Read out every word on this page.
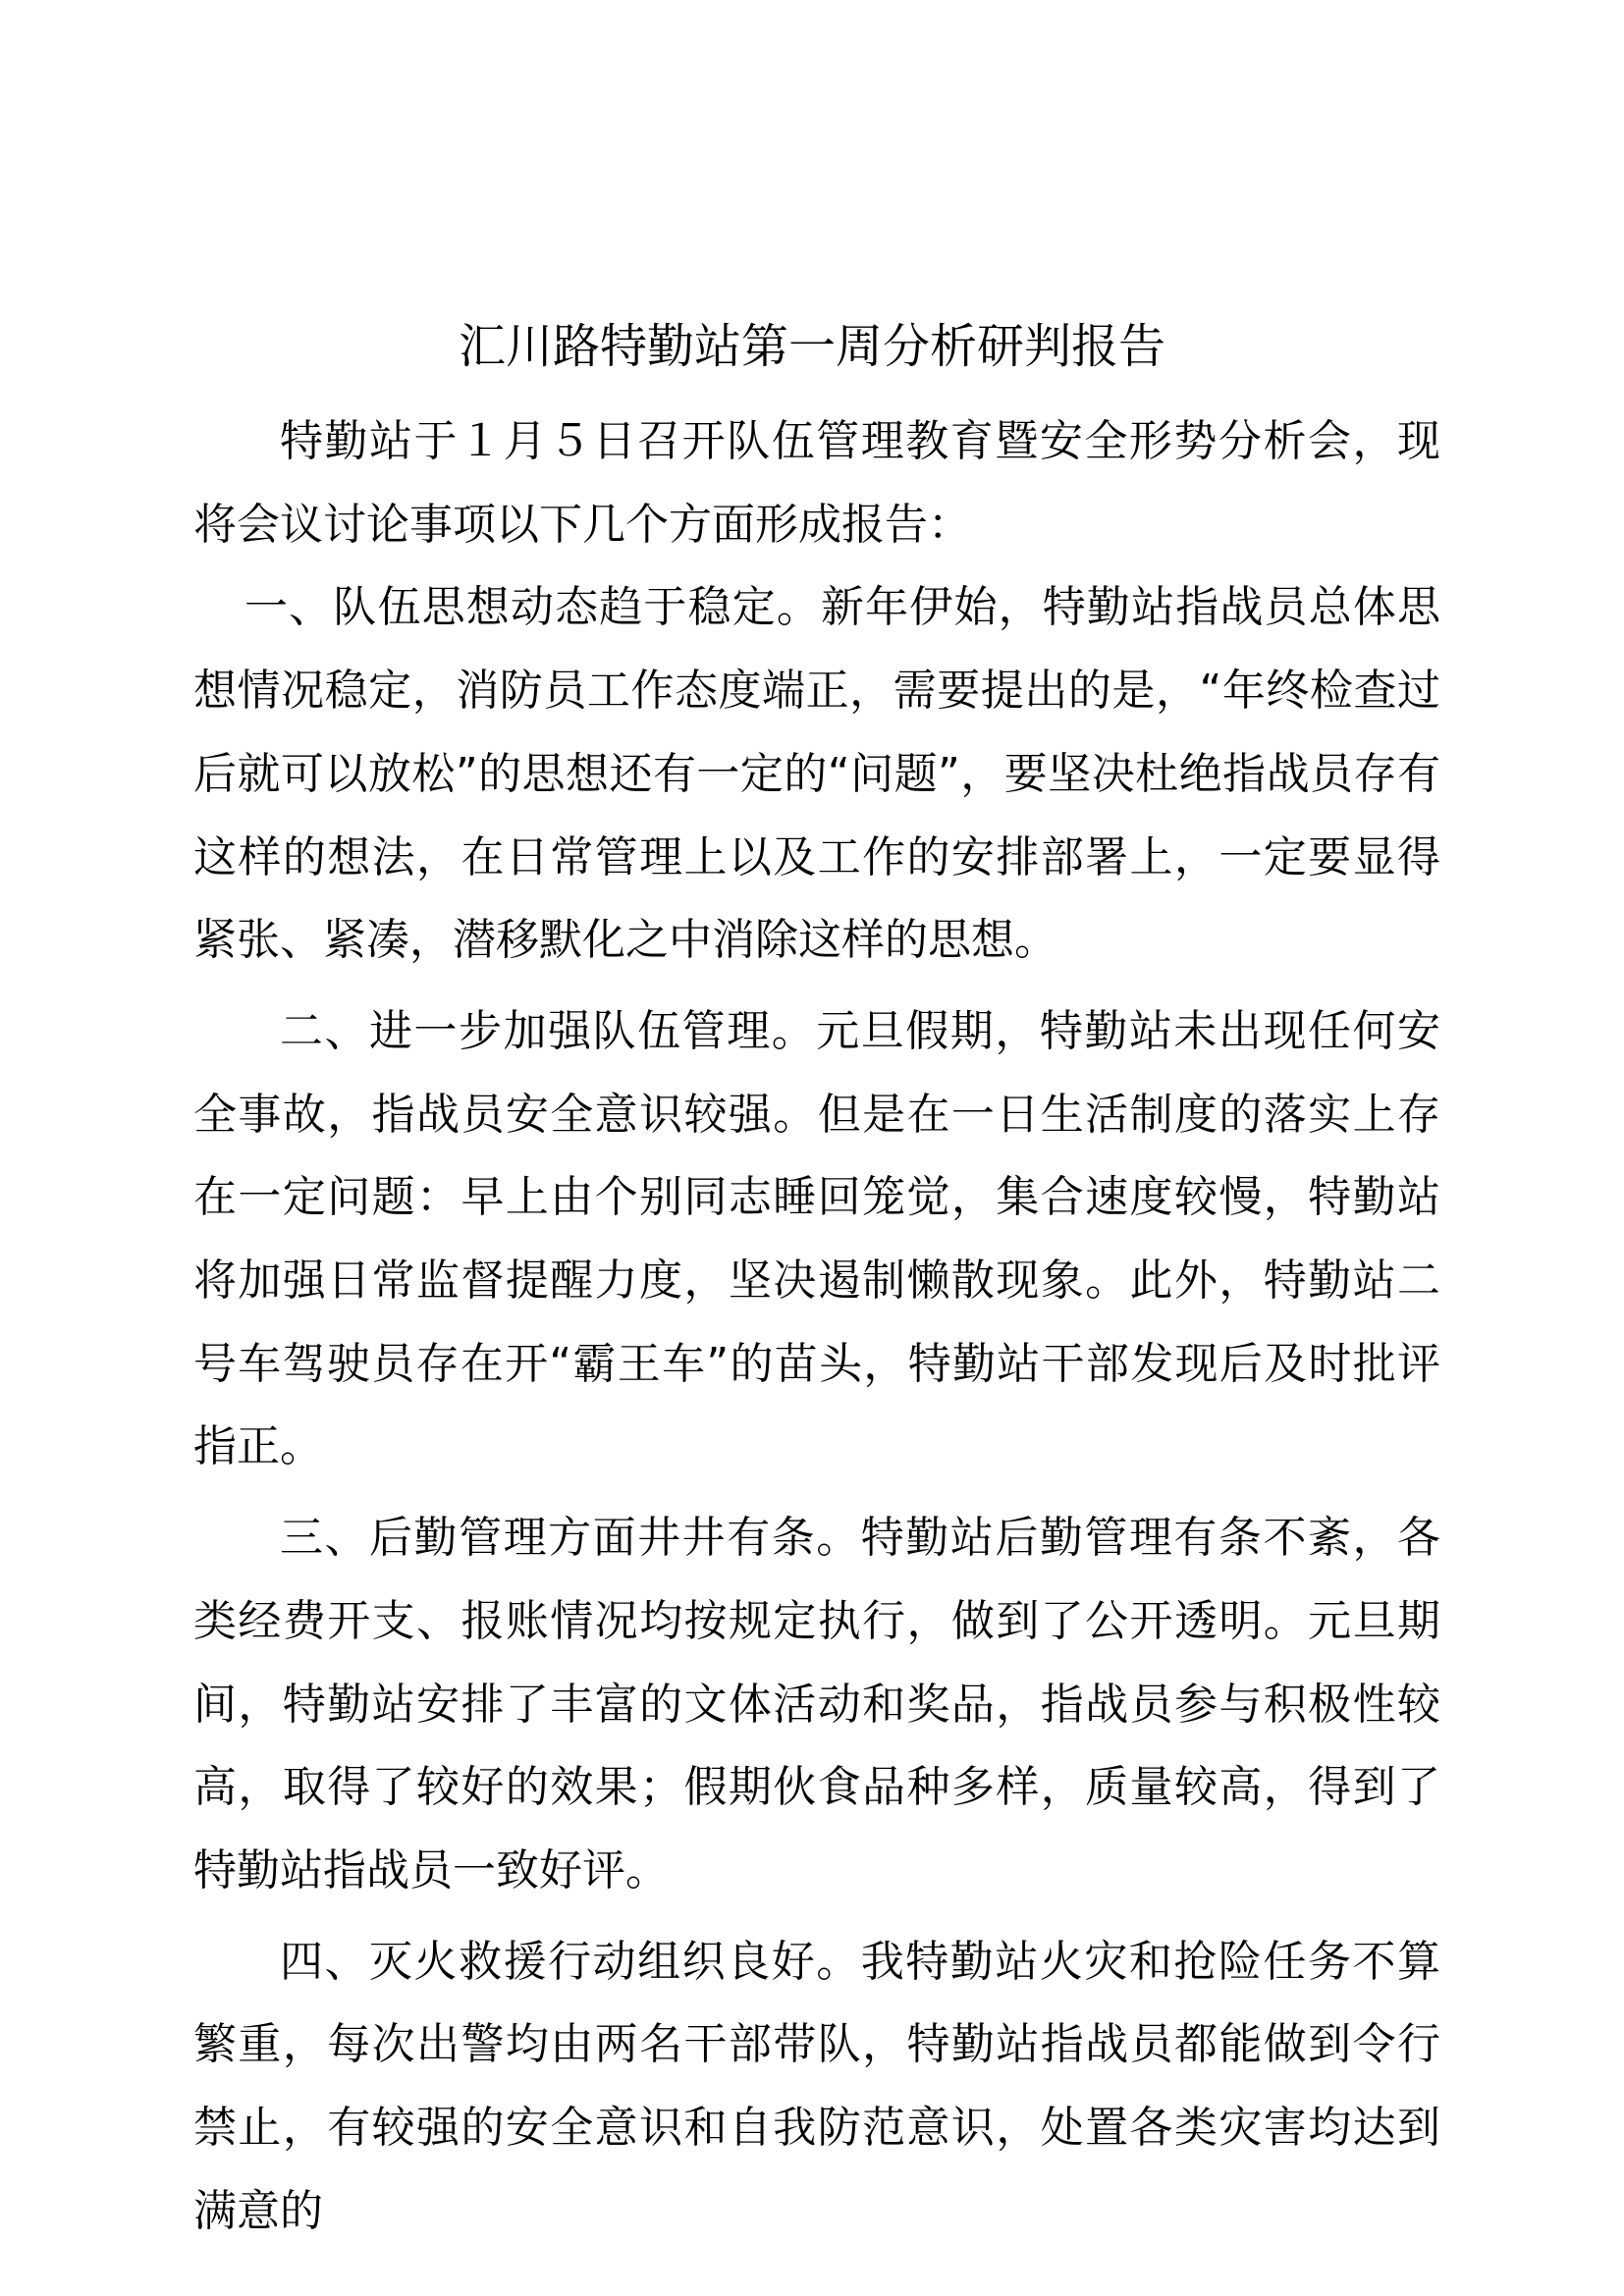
汇川路特勤站第一周分析研判报告

特勤站于１月５日召开队伍管理教育暨安全形势分析会，现将会议讨论事项以下几个方面形成报告：

一、队伍思想动态趋于稳定。新年伊始，特勤站指战员总体思想情况稳定，消防员工作态度端正，需要提出的是，“年终检查过后就可以放松”的思想还有一定的“问题”，要坚决杜绝指战员存有这样的想法，在日常管理上以及工作的安排部署上，一定要显得紧张、紧凑，潜移默化之中消除这样的思想。

二、进一步加强队伍管理。元旦假期，特勤站未出现任何安全事故，指战员安全意识较强。但是在一日生活制度的落实上存在一定问题：早上由个别同志睡回笼觉，集合速度较慢，特勤站将加强日常监督提醒力度，坚决遏制懒散现象。此外，特勤站二号车驾驶员存在开“霸王车”的苗头，特勤站干部发现后及时批评指正。

三、后勤管理方面井井有条。特勤站后勤管理有条不紊，各类经费开支、报账情况均按规定执行，做到了公开透明。元旦期间，特勤站安排了丰富的文体活动和奖品，指战员参与积极性较高，取得了较好的效果；假期伙食品种多样，质量较高，得到了特勤站指战员一致好评。

四、灭火救援行动组织良好。我特勤站火灾和抢险任务不算繁重，每次出警均由两名干部带队，特勤站指战员都能做到令行禁止，有较强的安全意识和自我防范意识，处置各类灾害均达到满意的
